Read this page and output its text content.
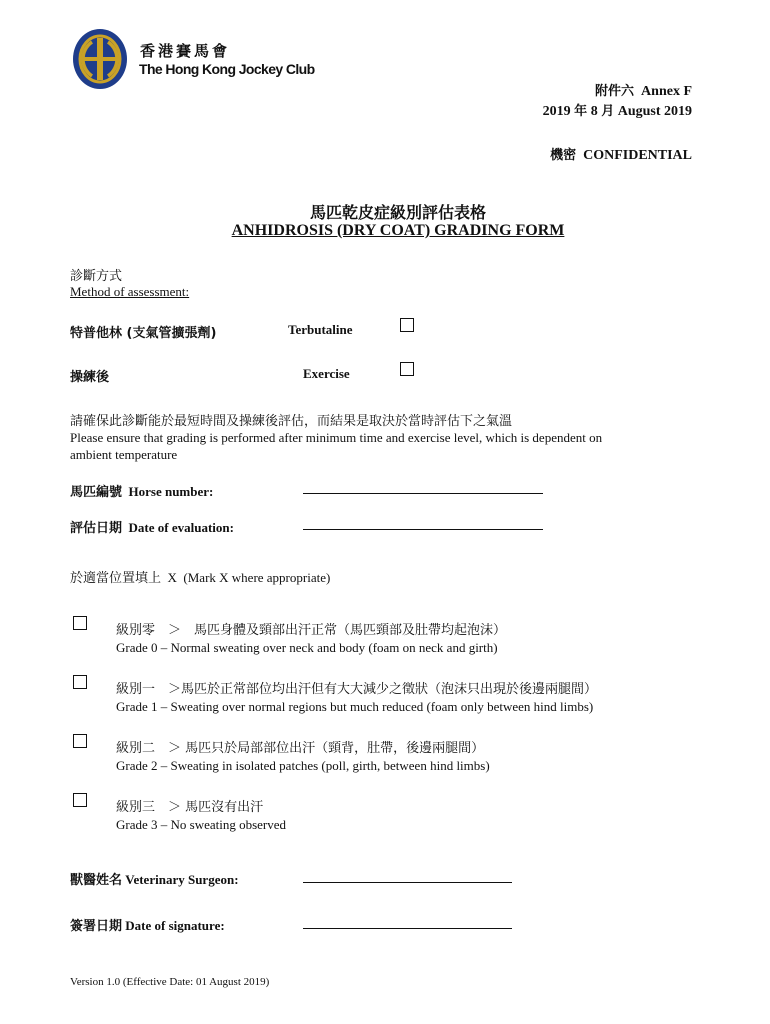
香港賽馬會
The Hong Kong Jockey Club
附件六 Annex F
2019 年 8 月 August 2019
機密 CONFIDENTIAL
馬匹乾皮症級別評估表格
ANHIDROSIS (DRY COAT) GRADING FORM
診斷方式
Method of assessment:
特普他林 (支氣管擴張劑)	Terbutaline
操練後	Exercise
請確保此診斷能於最短時間及操練後評估，而結果是取決於當時評估下之氣溫
Please ensure that grading is performed after minimum time and exercise level, which is dependent on
ambient temperature
馬匹編號 Horse number:
評估日期 Date of evaluation:
於適當位置填上 X (Mark X where appropriate)
級別零　＞　馬匹身體及頸部出汗正常（馬匹頸部及肚帶均起泡沫）
Grade 0 – Normal sweating over neck and body (foam on neck and girth)
級別一　＞馬匹於正常部位均出汗但有大大減少之徵狀（泡沫只出現於後邊兩腿間）
Grade 1 – Sweating over normal regions but much reduced (foam only between hind limbs)
級別二　＞ 馬匹只於局部部位出汗（頸背，肚帶，後邊兩腿間）
Grade 2 – Sweating in isolated patches (poll, girth, between hind limbs)
級別三　＞ 馬匹沒有出汗
Grade 3 – No sweating observed
獸醫姓名 Veterinary Surgeon:
簽署日期 Date of signature:
Version 1.0 (Effective Date: 01 August 2019)
